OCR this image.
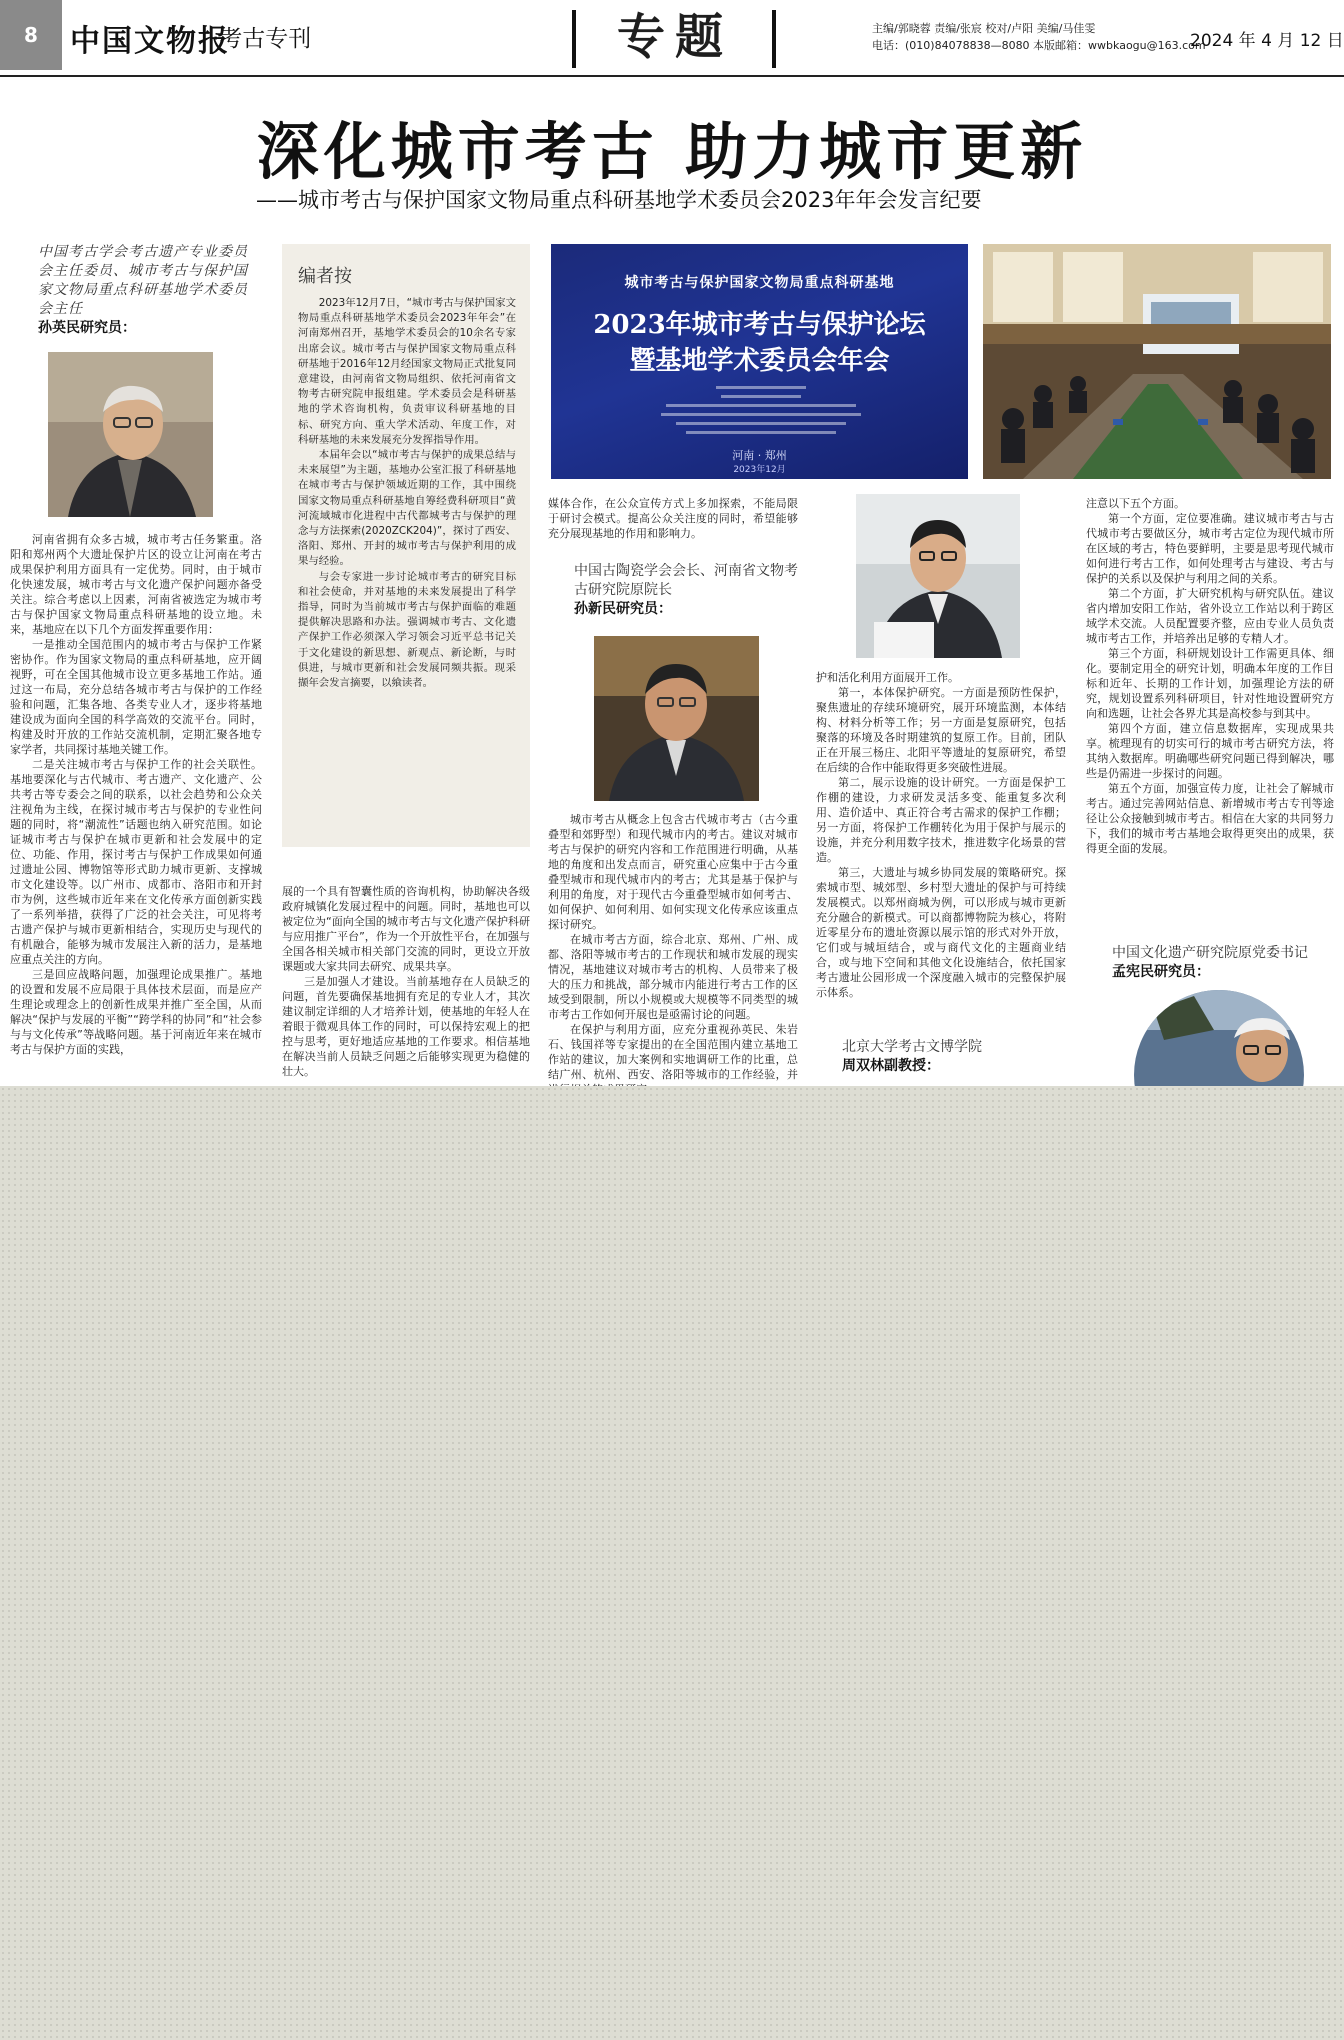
8	中国文物报
·考古专刊	专题	主编/郭晓蓉 责编/张宸 校对/卢阳 美编/马佳雯
电话：(010)84078838—8080 本版邮箱：wwbkaogu@163.com
2024 年 4 月 12 日
深化城市考古 助力城市更新
——城市考古与保护国家文物局重点科研基地学术委员会2023年年会发言纪要
中国考古学会考古遗产专业委员会主任委员、城市考古与保护国家文物局重点科研基地学术委员会主任
孙英民研究员：

河南省拥有众多古城，城市考古任务繁重。洛阳和郑州两个大遗址保护片区的设立让河南在考古成果保护利用方面具有一定优势。同时，由于城市化快速发展，城市考古与文化遗产保护问题亦备受关注。综合考虑以上因素，河南省被选定为城市考古与保护国家文物局重点科研基地的设立地。未来，基地应在以下几个方面发挥重要作用：

一是推动全国范围内的城市考古与保护工作紧密协作。作为国家文物局的重点科研基地，应开阔视野，可在全国其他城市设立更多基地工作站。通过这一布局，充分总结各城市考古与保护的工作经验和问题，汇集各地、各类专业人才，逐步将基地建设成为面向全国的科学高效的交流平台。同时，构建及时开放的工作站交流机制，定期汇聚各地专家学者，共同探讨基地关键工作。

二是关注城市考古与保护工作的社会关联性。基地要深化与古代城市、考古遗产、文化遗产、公共考古等专委会之间的联系，以社会趋势和公众关注视角为主线，在探讨城市考古与保护的专业性问题的同时，将“潮流性”话题也纳入研究范围。如论证城市考古与保护在城市更新和社会发展中的定位、功能、作用，探讨考古与保护工作成果如何通过遗址公园、博物馆等形式助力城市更新、支撑城市文化建设等。以广州市、成都市、洛阳市和开封市为例，这些城市近年来在文化传承方面创新实践了一系列举措，获得了广泛的社会关注，可见将考古遗产保护与城市更新相结合，实现历史与现代的有机融合，能够为城市发展注入新的活力，是基地应重点关注的方向。

三是回应战略问题，加强理论成果推广。基地的设置和发展不应局限于具体技术层面，而是应产生理论或理念上的创新性成果并推广至全国，从而解决“保护与发展的平衡”“跨学科的协同”和“社会参与与文化传承”等战略问题。基于河南近年来在城市考古与保护方面的实践，

编者按

2023年12月7日，“城市考古与保护国家文物局重点科研基地学术委员会2023年年会”在河南郑州召开，基地学术委员会的10余名专家出席会议。城市考古与保护国家文物局重点科研基地于2016年12月经国家文物局正式批复同意建设，由河南省文物局组织、依托河南省文物考古研究院申报组建。学术委员会是科研基地的学术咨询机构，负责审议科研基地的目标、研究方向、重大学术活动、年度工作，对科研基地的未来发展充分发挥指导作用。

本届年会以“城市考古与保护的成果总结与未来展望”为主题，基地办公室汇报了科研基地在城市考古与保护领域近期的工作，其中围绕国家文物局重点科研基地自筹经费科研项目“黄河流域城市化进程中古代都城考古与保护的理念与方法探索(2020ZCK204)”，探讨了西安、洛阳、郑州、开封的城市考古与保护利用的成果与经验。

与会专家进一步讨论城市考古的研究目标和社会使命，并对基地的未来发展提出了科学指导，同时为当前城市考古与保护面临的难题提供解决思路和办法。强调城市考古、文化遗产保护工作必须深入学习领会习近平总书记关于文化建设的新思想、新观点、新论断，与时俱进，与城市更新和社会发展同频共振。现采撷年会发言摘要，以飨读者。

展的一个具有智囊性质的咨询机构，协助解决各级政府城镇化发展过程中的问题。同时，基地也可以被定位为“面向全国的城市考古与文化遗产保护科研与应用推广平台”，作为一个开放性平台，在加强与全国各相关城市相关部门交流的同时，更设立开放课题或大家共同去研究、成果共享。

三是加强人才建设。当前基地存在人员缺乏的问题，首先要确保基地拥有充足的专业人才，其次建议制定详细的人才培养计划，使基地的年轻人在着眼于微观具体工作的同时，可以保持宏观上的把控与思考，更好地适应基地的工作要求。相信基地在解决当前人员缺乏问题之后能够实现更为稳健的壮大。

城市考古与保护国家文物局重点科研基地
2023年城市考古与保护论坛
暨基地学术委员会年会
河南 · 郑州
2023年12月

媒体合作，在公众宣传方式上多加探索，不能局限于研讨会模式。提高公众关注度的同时，希望能够充分展现基地的作用和影响力。

中国古陶瓷学会会长、河南省文物考古研究院原院长
孙新民研究员：

城市考古从概念上包含古代城市考古（古今重叠型和郊野型）和现代城市内的考古。建议对城市考古与保护的研究内容和工作范围进行明确，从基地的角度和出发点而言，研究重心应集中于古今重叠型城市和现代城市内的考古；尤其是基于保护与利用的角度，对于现代古今重叠型城市如何考古、如何保护、如何利用、如何实现文化传承应该重点探讨研究。

在城市考古方面，综合北京、郑州、广州、成都、洛阳等城市考古的工作现状和城市发展的现实情况，基地建议对城市考古的机构、人员带来了极大的压力和挑战，部分城市内能进行考古工作的区域受到限制，所以小规模或大规模等不同类型的城市考古工作如何开展也是亟需讨论的问题。

在保护与利用方面，应充分重视孙英民、朱岩石、钱国祥等专家提出的在全国范围内建立基地工作站的建议，加大案例和实地调研工作的比重，总结广州、杭州、西安、洛阳等城市的工作经验，并

护和活化利用方面展开工作。

第一，本体保护研究。一方面是预防性保护，聚焦遗址的存续环境研究，展开环境监测，本体结构、材料分析等工作；另一方面是复原研究，包括聚落的环境及各时期建筑的复原工作。目前，团队正在开展三杨庄、北阳平等遗址的复原研究，希望在后续的合作中能取得更多突破性进展。

第二，展示设施的设计研究。一方面是保护工作棚的建设，力求研发灵活多变、能重复多次利用、造价适中、真正符合考古需求的保护工作棚；另一方面，将保护工作棚转化为用于保护与展示的设施，并充分利用数字技术，推进数字化场景的营造。

第三，大遗址与城乡协同发展的策略研究。探索城市型、城郊型、乡村型大遗址的保护与可持续发展模式。以郑州商城为例，可以形成与城市更新充分融合的新模式。可以商都博物院为核心，将附近零星分布的遗址资源以展示馆的形式对外开放，它们或与城垣结合，或与商代文化的主题商业结合，或与地下空间和其他文化设施结合，依托国家考古遗址公园形成一个深度融入城市的完整保护展示体系。

北京大学考古文博学院
周双林副教授：

注意以下五个方面。

第一个方面，定位要准确。建议城市考古与古代城市考古要做区分，城市考古定位为现代城市所在区域的考古，特色要鲜明，主要是思考现代城市如何进行考古工作，如何处理考古与建设、考古与保护的关系以及保护与利用之间的关系。

第二个方面，扩大研究机构与研究队伍。建议省内增加安阳工作站，省外设立工作站以利于跨区域学术交流。人员配置要齐整，应由专业人员负责城市考古工作，并培养出足够的专精人才。

第三个方面，科研规划设计工作需更具体、细化。要制定用全的研究计划，明确本年度的工作目标和近年、长期的工作计划，加强理论方法的研究，规划设置系列科研项目，针对性地设置研究方向和选题，让社会各界尤其是高校参与到其中。

第四个方面，建立信息数据库，实现成果共享。梳理现有的切实可行的城市考古研究方法，将其纳入数据库。明确哪些研究问题已得到解决，哪些是仍需进一步探讨的问题。

第五个方面，加强宣传力度，让社会了解城市考古。通过完善网站信息、新增城市考古专刊等途径让公众接触到城市考古。相信在大家的共同努力下，我们的城市考古基地会取得更突出的成果，获得更全面的发展。

中国文化遗产研究院原党委书记
孟宪民研究员：
